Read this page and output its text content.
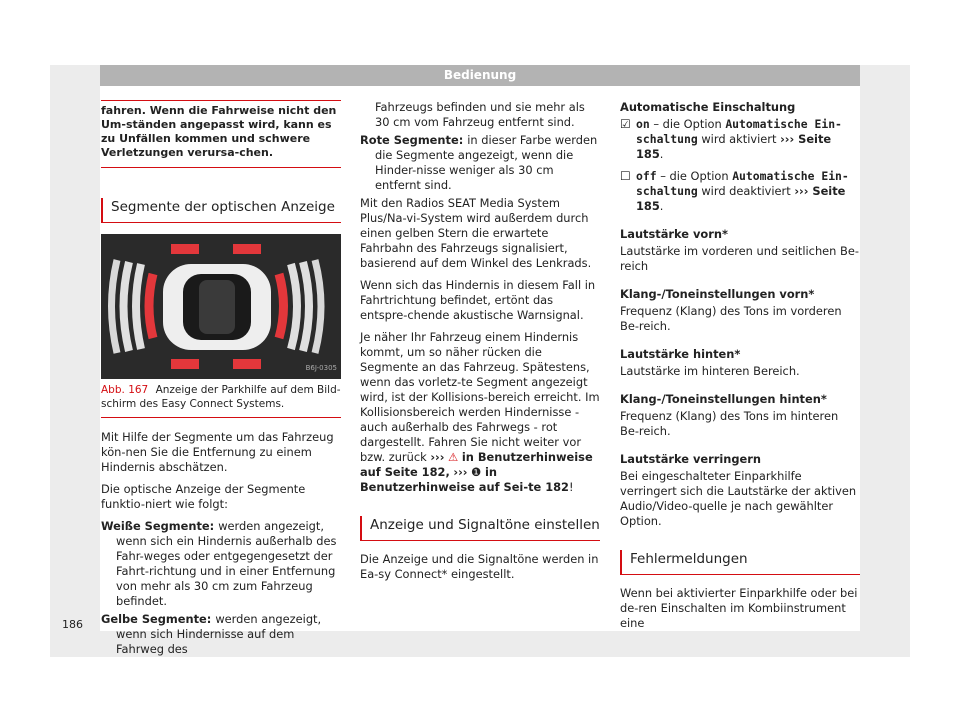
Bedienung
fahren. Wenn die Fahrweise nicht den Um-ständen angepasst wird, kann es zu Unfällen kommen und schwere Verletzungen verursa-chen.
Segmente der optischen Anzeige
B6J-0305
Abb. 167 Anzeige der Parkhilfe auf dem Bild-schirm des Easy Connect Systems.

Mit Hilfe der Segmente um das Fahrzeug kön-nen Sie die Entfernung zu einem Hindernis abschätzen.

Die optische Anzeige der Segmente funktio-niert wie folgt:

Weiße Segmente: werden angezeigt, wenn sich ein Hindernis außerhalb des Fahr-weges oder entgegengesetzt der Fahrt-richtung und in einer Entfernung von mehr als 30 cm zum Fahrzeug befindet.
Gelbe Segmente: werden angezeigt, wenn sich Hindernisse auf dem Fahrweg des
Fahrzeugs befinden und sie mehr als 30 cm vom Fahrzeug entfernt sind.
Rote Segmente: in dieser Farbe werden die Segmente angezeigt, wenn die Hinder-nisse weniger als 30 cm entfernt sind.

Mit den Radios SEAT Media System Plus/Na-vi-System wird außerdem durch einen gelben Stern die erwartete Fahrbahn des Fahrzeugs signalisiert, basierend auf dem Winkel des Lenkrads.

Wenn sich das Hindernis in diesem Fall in Fahrtrichtung befindet, ertönt das entspre-chende akustische Warnsignal.

Je näher Ihr Fahrzeug einem Hindernis kommt, um so näher rücken die Segmente an das Fahrzeug. Spätestens, wenn das vorletz-te Segment angezeigt wird, ist der Kollisions-bereich erreicht. Im Kollisionsbereich werden Hindernisse - auch außerhalb des Fahrwegs - rot dargestellt. Fahren Sie nicht weiter vor bzw. zurück ››› ⚠ in Benutzerhinweise auf Seite 182, ››› ❶ in Benutzerhinweise auf Sei-te 182!

Anzeige und Signaltöne einstellen

Die Anzeige und die Signaltöne werden in Ea-sy Connect* eingestellt.

Automatische Einschaltung
☑ on – die Option Automatische Ein-schaltung wird aktiviert ››› Seite 185.
☐ off – die Option Automatische Ein-schaltung wird deaktiviert ››› Seite 185.
Lautstärke vorn*

Lautstärke im vorderen und seitlichen Be-reich

Klang-/Toneinstellungen vorn*

Frequenz (Klang) des Tons im vorderen Be-reich.

Lautstärke hinten*

Lautstärke im hinteren Bereich.

Klang-/Toneinstellungen hinten*

Frequenz (Klang) des Tons im hinteren Be-reich.

Lautstärke verringern

Bei eingeschalteter Einparkhilfe verringert sich die Lautstärke der aktiven Audio/Video-quelle je nach gewählter Option.

Fehlermeldungen

Wenn bei aktivierter Einparkhilfe oder bei de-ren Einschalten im Kombiinstrument eine

186
